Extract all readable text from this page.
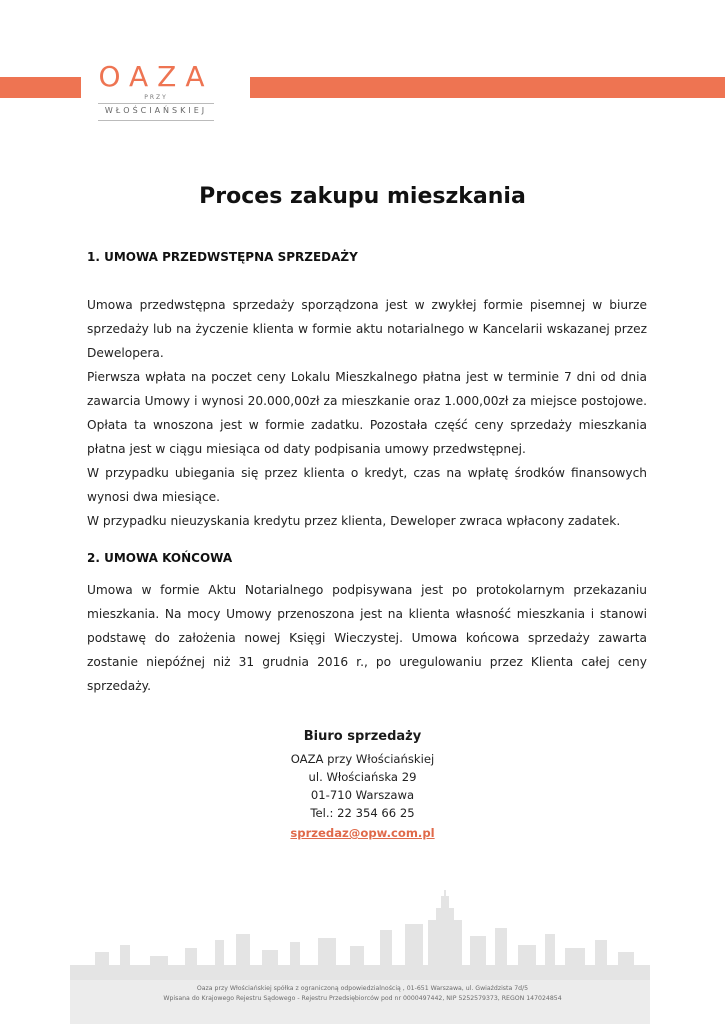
OAZA
PRZY
WŁOŚCIAŃSKIEJ
Proces zakupu mieszkania
1. UMOWA PRZEDWSTĘPNA SPRZEDAŻY

Umowa przedwstępna sprzedaży sporządzona jest w zwykłej formie pisemnej w biurze sprzedaży lub na życzenie klienta w formie aktu notarialnego w Kancelarii wskazanej przez Dewelopera.

Pierwsza wpłata na poczet ceny Lokalu Mieszkalnego płatna jest w terminie 7 dni od dnia zawarcia Umowy i wynosi 20.000,00zł za mieszkanie oraz 1.000,00zł za miejsce postojowe. Opłata ta wnoszona jest w formie zadatku. Pozostała część ceny sprzedaży mieszkania płatna jest w ciągu miesiąca od daty podpisania umowy przedwstępnej.

W przypadku ubiegania się przez klienta o kredyt, czas na wpłatę środków finansowych wynosi dwa miesiące.

W przypadku nieuzyskania kredytu przez klienta, Deweloper zwraca wpłacony zadatek.

2. UMOWA KOŃCOWA

Umowa w formie Aktu Notarialnego podpisywana jest po protokolarnym przekazaniu mieszkania. Na mocy Umowy przenoszona jest na klienta własność mieszkania i stanowi podstawę do założenia nowej Księgi Wieczystej. Umowa końcowa sprzedaży zawarta zostanie niepóźnej niż 31 grudnia 2016 r., po uregulowaniu przez Klienta całej ceny sprzedaży.

Biuro sprzedaży
OAZA przy Włościańskiej
ul. Włościańska 29
01-710 Warszawa
Tel.: 22 354 66 25
sprzedaz@opw.com.pl
Oaza przy Włościańskiej spółka z ograniczoną odpowiedzialnością , 01-651 Warszawa, ul. Gwiaździsta 7d/5
Wpisana do Krajowego Rejestru Sądowego - Rejestru Przedsiębiorców pod nr 0000497442, NIP 5252579373, REGON 147024854
